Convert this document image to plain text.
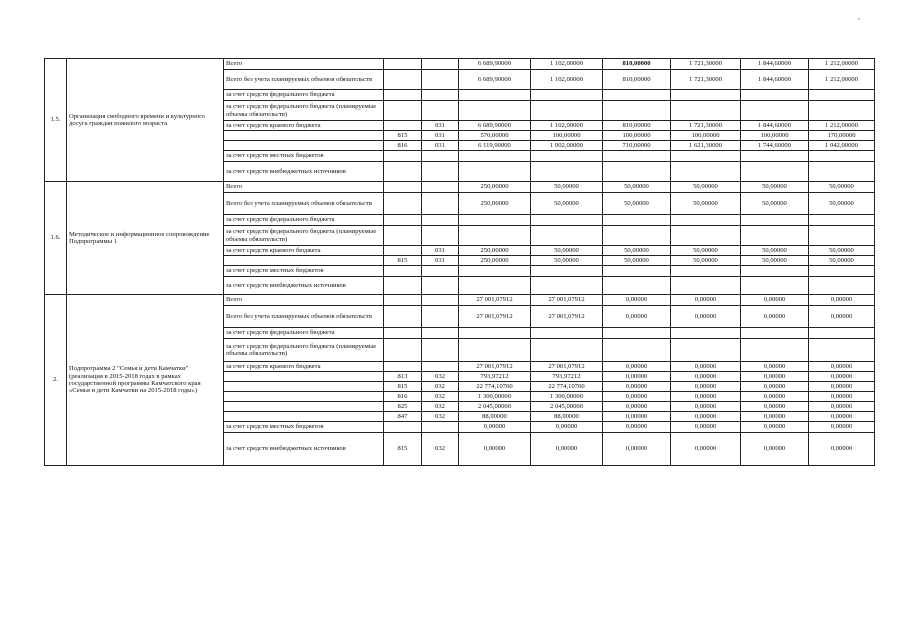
,
1.5.	Организация свободного времени и культурного досуга граждан пожилого возраста	Всего			6 689,90000	1 102,00000	810,00000	1 721,30000	1 844,60000	1 212,00000
		Всего без учета планируемых объемов обязательств			6 689,90000	1 102,00000	810,00000	1 721,30000	1 844,60000	1 212,00000
		за счет средств федерального бюджета								
		за счет средств федерального бюджета (планируемые объемы обязательств)								
		за счет средств краевого бюджета		031	6 689,90000	1 102,00000	810,00000	1 721,30000	1 844,60000	1 212,00000
			815	031	570,00000	100,00000	100,00000	100,00000	100,00000	170,00000
			816	031	6 119,90000	1 002,00000	710,00000	1 621,30000	1 744,60000	1 042,00000
		за счет средств местных бюджетов								
		за счет средств внебюджетных источников								
1.6.	Методическое и информационное сопровождение Подпрограммы 1	Всего			250,00000	50,00000	50,00000	50,00000	50,00000	50,00000
		Всего без учета планируемых объемов обязательств			250,00000	50,00000	50,00000	50,00000	50,00000	50,00000
		за счет средств федерального бюджета								
		за счет средств федерального бюджета (планируемые объемы обязательств)								
		за счет средств краевого бюджета		031	250,00000	50,00000	50,00000	50,00000	50,00000	50,00000
			815	031	250,00000	50,00000	50,00000	50,00000	50,00000	50,00000
		за счет средств местных бюджетов								
		за счет средств внебюджетных источников								
2.	Подпрограмма 2 "Семья и дети Камчатки" (реализация в 2015-2018 годах в рамках государственной программы Камчатского края «Семья и дети Камчатки на 2015-2018 годы»)	Всего			27 001,07912	27 001,07912	0,00000	0,00000	0,00000	0,00000
		Всего без учета планируемых объемов обязательств			27 001,07912	27 001,07912	0,00000	0,00000	0,00000	0,00000
		за счет средств федерального бюджета								
		за счет средств федерального бюджета (планируемые объемы обязательств)								
		за счет средств краевого бюджета			27 001,07912	27 001,07912	0,00000	0,00000	0,00000	0,00000
			813	032	793,97212	793,97212	0,00000	0,00000	0,00000	0,00000
			815	032	22 774,10700	22 774,10700	0,00000	0,00000	0,00000	0,00000
			816	032	1 300,00000	1 300,00000	0,00000	0,00000	0,00000	0,00000
			825	032	2 045,00000	2 045,00000	0,00000	0,00000	0,00000	0,00000
			847	032	88,00000	88,00000	0,00000	0,00000	0,00000	0,00000
		за счет средств местных бюджетов			0,00000	0,00000	0,00000	0,00000	0,00000	0,00000
		за счет средств внебюджетных источников	815	032	0,00000	0,00000	0,00000	0,00000	0,00000	0,00000
